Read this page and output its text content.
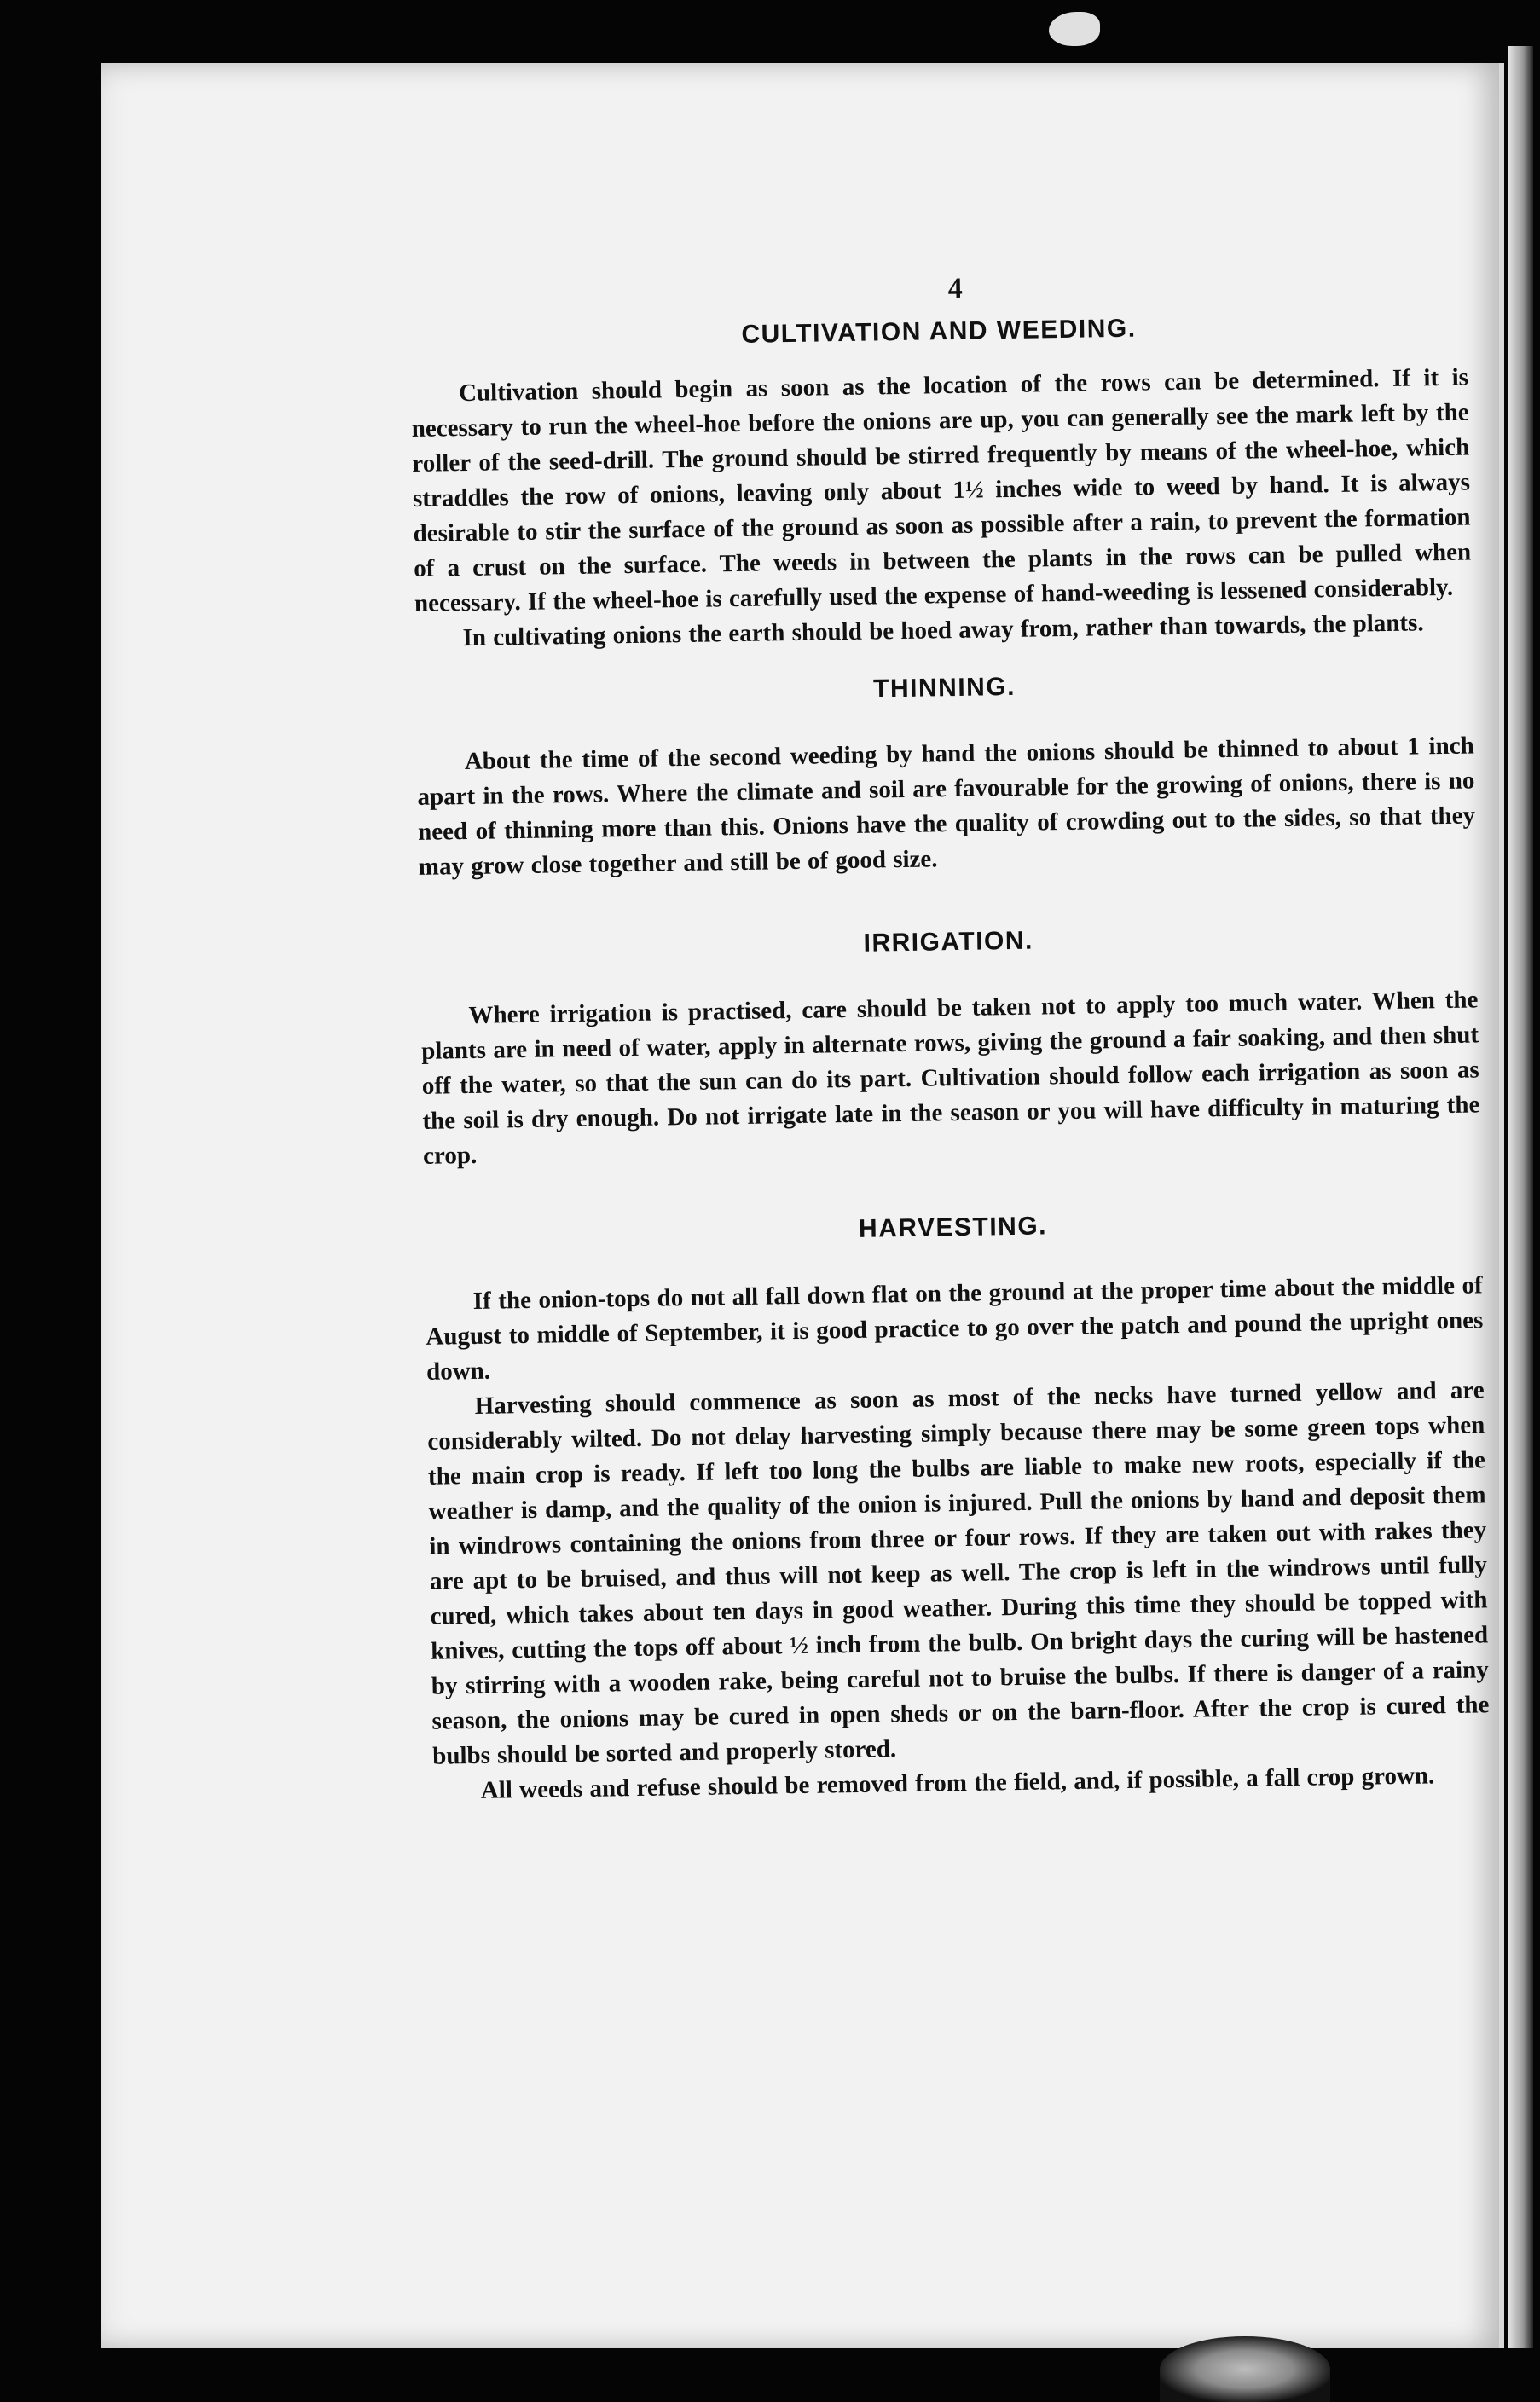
4
CULTIVATION AND WEEDING.

Cultivation should begin as soon as the location of the rows can be determined. If it is necessary to run the wheel-hoe before the onions are up, you can generally see the mark left by the roller of the seed-drill. The ground should be stirred frequently by means of the wheel-hoe, which straddles the row of onions, leaving only about 1½ inches wide to weed by hand. It is always desirable to stir the surface of the ground as soon as possible after a rain, to prevent the formation of a crust on the surface. The weeds in between the plants in the rows can be pulled when necessary. If the wheel-hoe is carefully used the expense of hand-weeding is lessened considerably.

In cultivating onions the earth should be hoed away from, rather than towards, the plants.

THINNING.

About the time of the second weeding by hand the onions should be thinned to about 1 inch apart in the rows. Where the climate and soil are favourable for the growing of onions, there is no need of thinning more than this. Onions have the quality of crowding out to the sides, so that they may grow close together and still be of good size.

IRRIGATION.

Where irrigation is practised, care should be taken not to apply too much water. When the plants are in need of water, apply in alternate rows, giving the ground a fair soaking, and then shut off the water, so that the sun can do its part. Cultivation should follow each irrigation as soon as the soil is dry enough. Do not irrigate late in the season or you will have difficulty in maturing the crop.

HARVESTING.

If the onion-tops do not all fall down flat on the ground at the proper time about the middle of August to middle of September, it is good practice to go over the patch and pound the upright ones down.

Harvesting should commence as soon as most of the necks have turned yellow and are considerably wilted. Do not delay harvesting simply because there may be some green tops when the main crop is ready. If left too long the bulbs are liable to make new roots, especially if the weather is damp, and the quality of the onion is injured. Pull the onions by hand and deposit them in windrows containing the onions from three or four rows. If they are taken out with rakes they are apt to be bruised, and thus will not keep as well. The crop is left in the windrows until fully cured, which takes about ten days in good weather. During this time they should be topped with knives, cutting the tops off about ½ inch from the bulb. On bright days the curing will be hastened by stirring with a wooden rake, being careful not to bruise the bulbs. If there is danger of a rainy season, the onions may be cured in open sheds or on the barn-floor. After the crop is cured the bulbs should be sorted and properly stored.

All weeds and refuse should be removed from the field, and, if possible, a fall crop grown.
